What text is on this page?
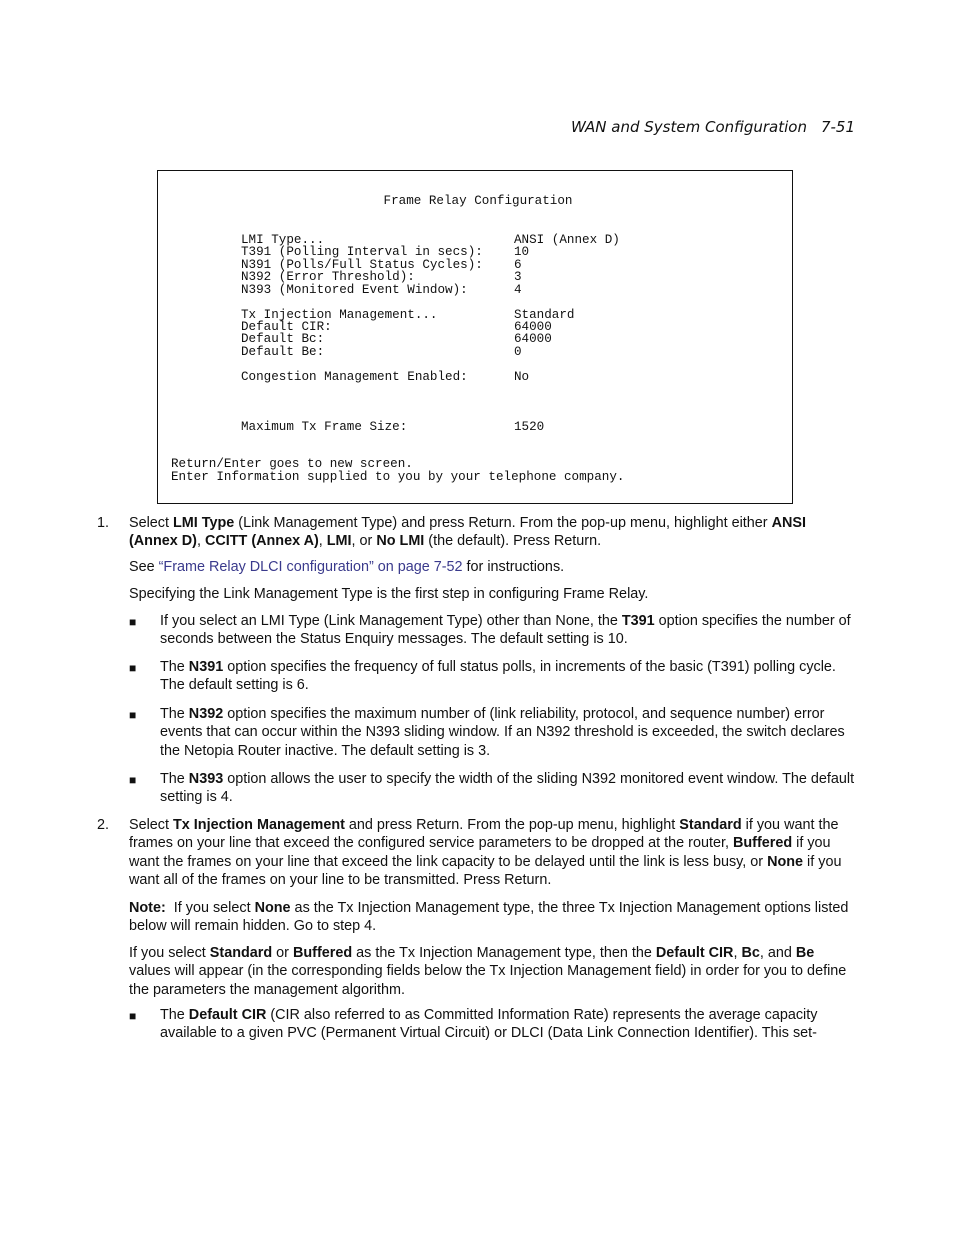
WAN and System Configuration 7-51
Frame Relay Configuration
LMI Type...	ANSI (Annex D)
T391 (Polling Interval in secs): 10
N391 (Polls/Full Status Cycles): 6
N392 (Error Threshold):	3
N393 (Monitored Event Window):	4
Tx Injection Management...	Standard
Default CIR:	64000
Default Bc:	64000
Default Be:	0
Congestion Management Enabled:	No
Maximum Tx Frame Size:	1520
Return/Enter goes to new screen.
Enter Information supplied to you by your telephone company.
1. Select LMI Type (Link Management Type) and press Return. From the pop-up menu, highlight either ANSI (Annex D), CCITT (Annex A), LMI, or No LMI (the default). Press Return.
See “Frame Relay DLCI configuration” on page 7-52 for instructions.
Specifying the Link Management Type is the first step in configuring Frame Relay.
■ If you select an LMI Type (Link Management Type) other than None, the T391 option specifies the number of seconds between the Status Enquiry messages. The default setting is 10.
■ The N391 option specifies the frequency of full status polls, in increments of the basic (T391) polling cycle. The default setting is 6.
■ The N392 option specifies the maximum number of (link reliability, protocol, and sequence number) error events that can occur within the N393 sliding window. If an N392 threshold is exceeded, the switch declares the Netopia Router inactive. The default setting is 3.
■ The N393 option allows the user to specify the width of the sliding N392 monitored event window. The default setting is 4.
2. Select Tx Injection Management and press Return. From the pop-up menu, highlight Standard if you want the frames on your line that exceed the configured service parameters to be dropped at the router, Buffered if you want the frames on your line that exceed the link capacity to be delayed until the link is less busy, or None if you want all of the frames on your line to be transmitted. Press Return.
Note:  If you select None as the Tx Injection Management type, the three Tx Injection Management options listed below will remain hidden. Go to step 4.
If you select Standard or Buffered as the Tx Injection Management type, then the Default CIR, Bc, and Be values will appear (in the corresponding fields below the Tx Injection Management field) in order for you to define the parameters the management algorithm.
■ The Default CIR (CIR also referred to as Committed Information Rate) represents the average capacity available to a given PVC (Permanent Virtual Circuit) or DLCI (Data Link Connection Identifier). This set-
